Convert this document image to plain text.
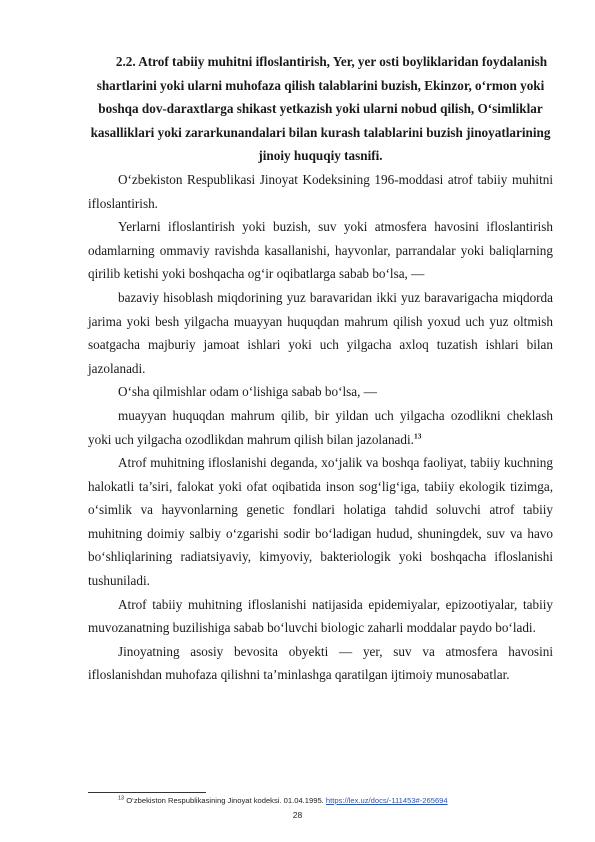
2.2. Atrof tabiiy muhitni ifloslantirish, Yer, yer osti boyliklaridan foydalanish shartlarini yoki ularni muhofaza qilish talablarini buzish, Ekinzor, o‘rmon yoki boshqa dov-daraxtlarga shikast yetkazish yoki ularni nobud qilish, O‘simliklar kasalliklari yoki zararkunandalari bilan kurash talablarini buzish jinoyatlarining jinoiy huquqiy tasnifi.

O‘zbekiston Respublikasi Jinoyat Kodeksining 196-moddasi atrof tabiiy muhitni ifloslantirish.

Yerlarni ifloslantirish yoki buzish, suv yoki atmosfera havosini ifloslantirish odamlarning ommaviy ravishda kasallanishi, hayvonlar, parrandalar yoki baliqlarning qirilib ketishi yoki boshqacha og‘ir oqibatlarga sabab bo‘lsa, —

bazaviy hisoblash miqdorining yuz baravaridan ikki yuz baravarigacha miqdorda jarima yoki besh yilgacha muayyan huquqdan mahrum qilish yoxud uch yuz oltmish soatgacha majburiy jamoat ishlari yoki uch yilgacha axloq tuzatish ishlari bilan jazolanadi.

O‘sha qilmishlar odam o‘lishiga sabab bo‘lsa, —

muayyan huquqdan mahrum qilib, bir yildan uch yilgacha ozodlikni cheklash yoki uch yilgacha ozodlikdan mahrum qilish bilan jazolanadi.$^{13}$

Atrof muhitning ifloslanishi deganda, xo‘jalik va boshqa faoliyat, tabiiy kuchning halokatli ta’siri, falokat yoki ofat oqibatida inson sog‘lig‘iga, tabiiy ekologik tizimga, o‘simlik va hayvonlarning genetic fondlari holatiga tahdid soluvchi atrof tabiiy muhitning doimiy salbiy o‘zgarishi sodir bo‘ladigan hudud, shuningdek, suv va havo bo‘shliqlarining radiatsiyaviy, kimyoviy, bakteriologik yoki boshqacha ifloslanishi tushuniladi.

Atrof tabiiy muhitning ifloslanishi natijasida epidemiyalar, epizootiyalar, tabiiy muvozanatning buzilishiga sabab bo‘luvchi biologic zaharli moddalar paydo bo‘ladi.

Jinoyatning asosiy bevosita obyekti — yer, suv va atmosfera havosini ifloslanishdan muhofaza qilishni ta’minlashga qaratilgan ijtimoiy munosabatlar.

$^{13}$ O‘zbekiston Respublikasining Jinoyat kodeksi. 01.04.1995. https://lex.uz/docs/-111453#-265694
28
